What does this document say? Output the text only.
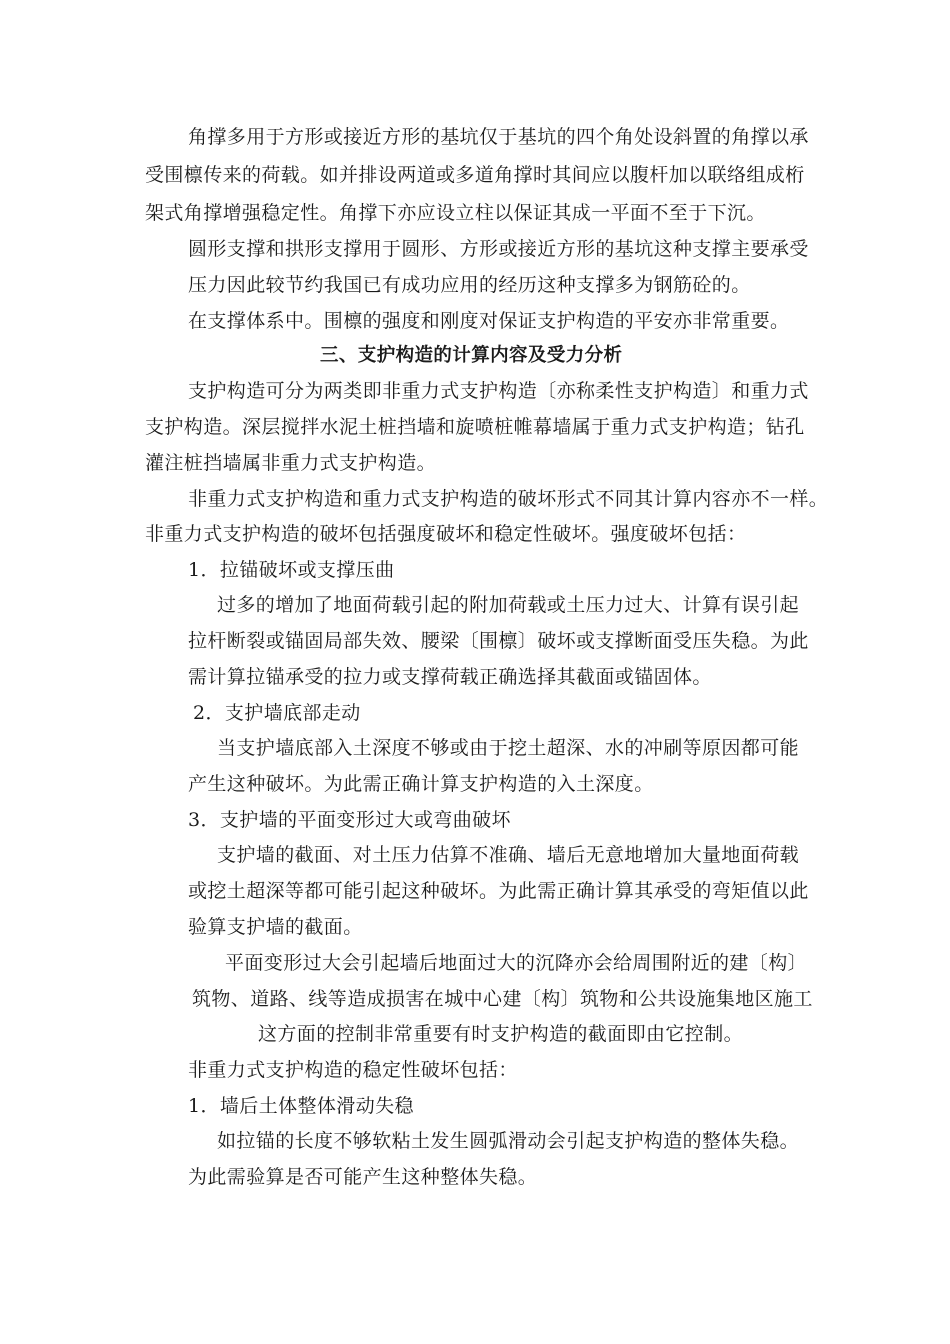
角撑多用于方形或接近方形的基坑仅于基坑的四个角处设斜置的角撑以承
受围檩传来的荷载。如并排设两道或多道角撑时其间应以腹杆加以联络组成桁
架式角撑增强稳定性。角撑下亦应设立柱以保证其成一平面不至于下沉。
圆形支撑和拱形支撑用于圆形、方形或接近方形的基坑这种支撑主要承受
压力因此较节约我国已有成功应用的经历这种支撑多为钢筋砼的。
在支撑体系中。围檩的强度和刚度对保证支护构造的平安亦非常重要。
三、支护构造的计算内容及受力分析
支护构造可分为两类即非重力式支护构造〔亦称柔性支护构造〕和重力式
支护构造。深层搅拌水泥土桩挡墙和旋喷桩帷幕墙属于重力式支护构造；钻孔
灌注桩挡墙属非重力式支护构造。
非重力式支护构造和重力式支护构造的破坏形式不同其计算内容亦不一样。
非重力式支护构造的破坏包括强度破坏和稳定性破坏。强度破坏包括：
1．拉锚破坏或支撑压曲
过多的增加了地面荷载引起的附加荷载或土压力过大、计算有误引起
拉杆断裂或锚固局部失效、腰梁〔围檩〕破坏或支撑断面受压失稳。为此
需计算拉锚承受的拉力或支撑荷载正确选择其截面或锚固体。
2．支护墙底部走动
当支护墙底部入土深度不够或由于挖土超深、水的冲刷等原因都可能
产生这种破坏。为此需正确计算支护构造的入土深度。
3．支护墙的平面变形过大或弯曲破坏
支护墙的截面、对土压力估算不准确、墙后无意地增加大量地面荷载
或挖土超深等都可能引起这种破坏。为此需正确计算其承受的弯矩值以此
验算支护墙的截面。
平面变形过大会引起墙后地面过大的沉降亦会给周围附近的建〔构〕
筑物、道路、线等造成损害在城中心建〔构〕筑物和公共设施集地区施工
这方面的控制非常重要有时支护构造的截面即由它控制。
非重力式支护构造的稳定性破坏包括：
1．墙后土体整体滑动失稳
如拉锚的长度不够软粘土发生圆弧滑动会引起支护构造的整体失稳。
为此需验算是否可能产生这种整体失稳。
